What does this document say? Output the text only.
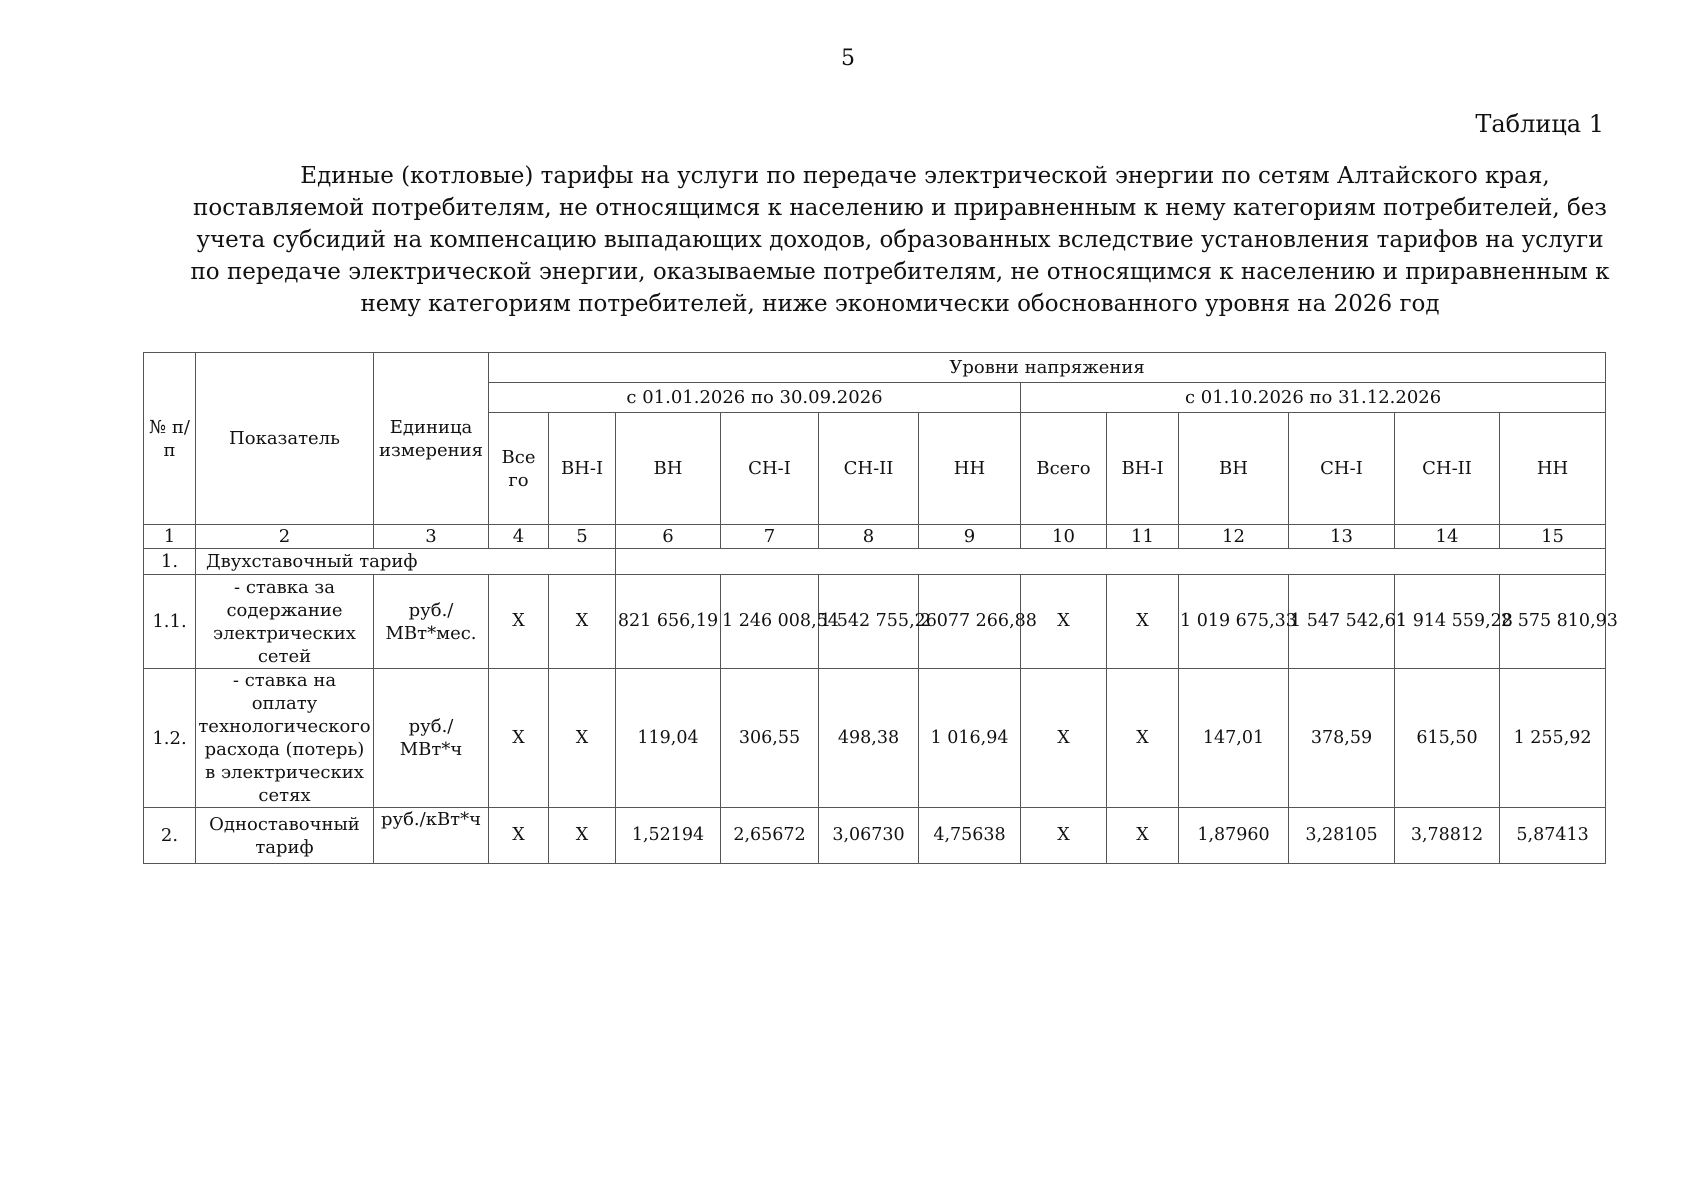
5
Таблица 1
Единые (котловые) тарифы на услуги по передаче электрической энергии по сетям Алтайского края, поставляемой потребителям, не относящимся к населению и приравненным к нему категориям потребителей, без учета субсидий на компенсацию выпадающих доходов, образованных вследствие установления тарифов на услуги по передаче электрической энергии, оказываемые потребителям, не относящимся к населению и приравненным к нему категориям потребителей, ниже экономически обоснованного уровня на 2026 год
№ п/п	Показатель	Единица измерения	Уровни напряжения											
			с 01.01.2026 по 30.09.2026						с 01.10.2026 по 31.12.2026					
			Все го	ВН-I	ВН	СН-I	СН-II	НН	Всего	ВН-I	ВН	СН-I	СН-II	НН
1	2	3	4	5	6	7	8	9	10	11	12	13	14	15
1.	Двухставочный тариф													
1.1.	- ставка за содержание электрических сетей	руб./ МВт*мес.	Х	Х	821 656,19	1 246 008,54	1 542 755,26	2 077 266,88	Х	Х	1 019 675,33	1 547 542,61	1 914 559,28	2 575 810,93
1.2.	- ставка на оплату технологического расхода (потерь) в электрических сетях	руб./ МВт*ч	Х	Х	119,04	306,55	498,38	1 016,94	Х	Х	147,01	378,59	615,50	1 255,92
2.	Одноставочный тариф	руб./кВт*ч	Х	Х	1,52194	2,65672	3,06730	4,75638	Х	Х	1,87960	3,28105	3,78812	5,87413
